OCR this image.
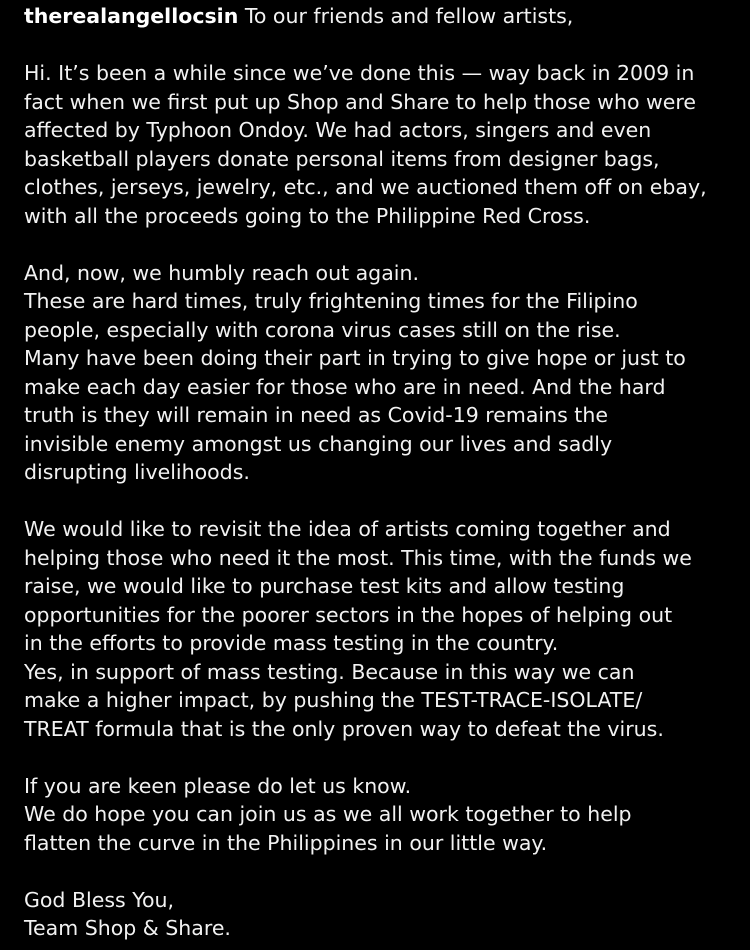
therealangellocsin To our friends and fellow artists,
Hi. It’s been a while since we’ve done this — way back in 2009 in
fact when we first put up Shop and Share to help those who were
affected by Typhoon Ondoy. We had actors, singers and even
basketball players donate personal items from designer bags,
clothes, jerseys, jewelry, etc., and we auctioned them off on ebay,
with all the proceeds going to the Philippine Red Cross.
And, now, we humbly reach out again.
These are hard times, truly frightening times for the Filipino
people, especially with corona virus cases still on the rise.
Many have been doing their part in trying to give hope or just to
make each day easier for those who are in need. And the hard
truth is they will remain in need as Covid-19 remains the
invisible enemy amongst us changing our lives and sadly
disrupting livelihoods.
We would like to revisit the idea of artists coming together and
helping those who need it the most. This time, with the funds we
raise, we would like to purchase test kits and allow testing
opportunities for the poorer sectors in the hopes of helping out
in the efforts to provide mass testing in the country.
Yes, in support of mass testing. Because in this way we can
make a higher impact, by pushing the TEST-TRACE-ISOLATE/
TREAT formula that is the only proven way to defeat the virus.
If you are keen please do let us know.
We do hope you can join us as we all work together to help
flatten the curve in the Philippines in our little way.
God Bless You,
Team Shop & Share.
